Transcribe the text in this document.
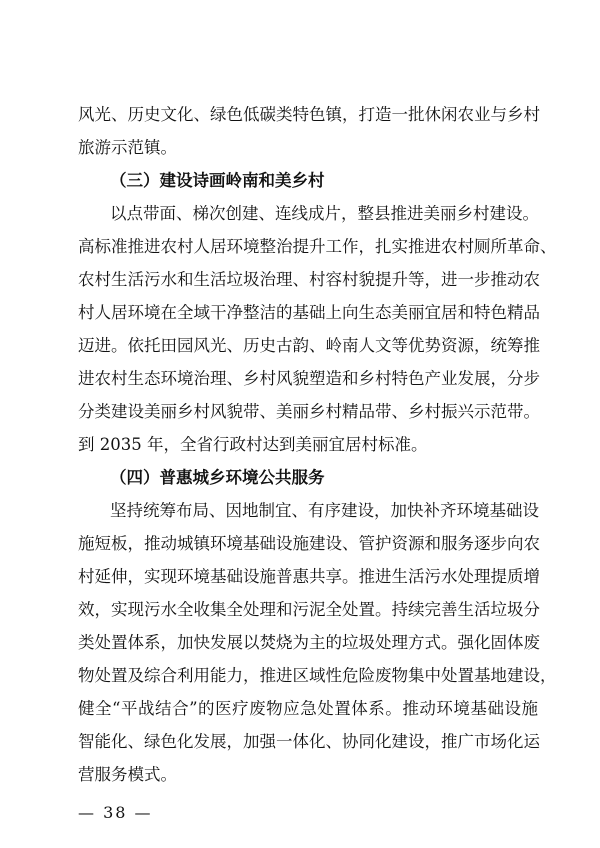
风光、历史文化、绿色低碳类特色镇，打造一批休闲农业与乡村
旅游示范镇。
（三）建设诗画岭南和美乡村
以点带面、梯次创建、连线成片，整县推进美丽乡村建设。
高标准推进农村人居环境整治提升工作，扎实推进农村厕所革命、
农村生活污水和生活垃圾治理、村容村貌提升等，进一步推动农
村人居环境在全域干净整洁的基础上向生态美丽宜居和特色精品
迈进。依托田园风光、历史古韵、岭南人文等优势资源，统筹推
进农村生态环境治理、乡村风貌塑造和乡村特色产业发展，分步
分类建设美丽乡村风貌带、美丽乡村精品带、乡村振兴示范带。
到 2035 年，全省行政村达到美丽宜居村标准。
（四）普惠城乡环境公共服务
坚持统筹布局、因地制宜、有序建设，加快补齐环境基础设
施短板，推动城镇环境基础设施建设、管护资源和服务逐步向农
村延伸，实现环境基础设施普惠共享。推进生活污水处理提质增
效，实现污水全收集全处理和污泥全处置。持续完善生活垃圾分
类处置体系，加快发展以焚烧为主的垃圾处理方式。强化固体废
物处置及综合利用能力，推进区域性危险废物集中处置基地建设，
健全“平战结合”的医疗废物应急处置体系。推动环境基础设施
智能化、绿色化发展，加强一体化、协同化建设，推广市场化运
营服务模式。
— 38 —
